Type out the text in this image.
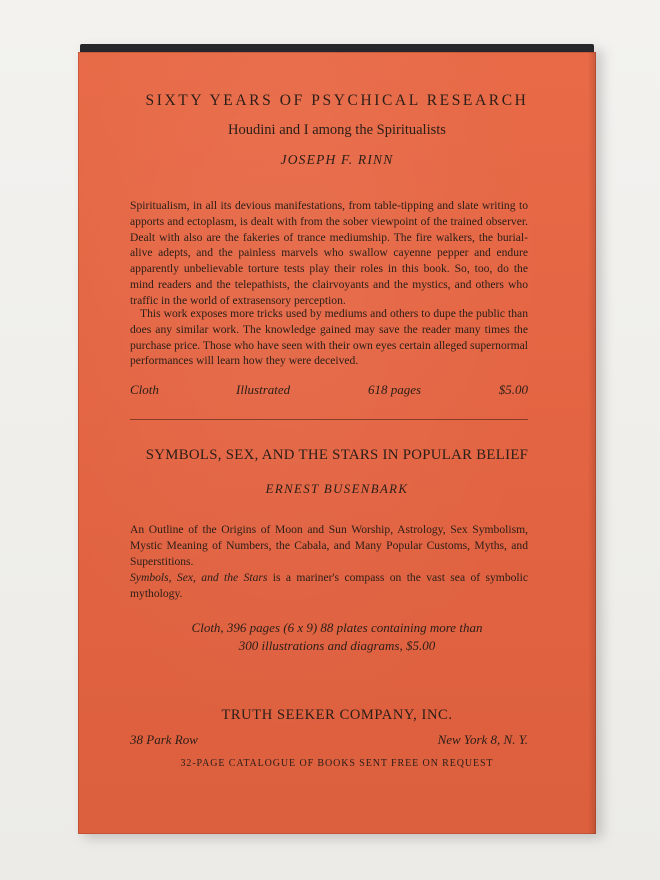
SIXTY YEARS OF PSYCHICAL RESEARCH
Houdini and I among the Spiritualists
JOSEPH F. RINN
Spiritualism, in all its devious manifestations, from table-tipping and slate writing to apports and ectoplasm, is dealt with from the sober viewpoint of the trained observer. Dealt with also are the fakeries of trance mediumship. The fire walkers, the burial-alive adepts, and the painless marvels who swallow cayenne pepper and endure apparently unbelievable torture tests play their roles in this book. So, too, do the mind readers and the telepathists, the clairvoyants and the mystics, and others who traffic in the world of extrasensory perception.
This work exposes more tricks used by mediums and others to dupe the public than does any similar work. The knowledge gained may save the reader many times the purchase price. Those who have seen with their own eyes certain alleged supernormal performances will learn how they were deceived.
Cloth	Illustrated	618 pages	$5.00
SYMBOLS, SEX, AND THE STARS IN POPULAR BELIEF
ERNEST BUSENBARK
An Outline of the Origins of Moon and Sun Worship, Astrology, Sex Symbolism, Mystic Meaning of Numbers, the Cabala, and Many Popular Customs, Myths, and Superstitions.
Symbols, Sex, and the Stars is a mariner's compass on the vast sea of symbolic mythology.
Cloth, 396 pages (6 x 9) 88 plates containing more than
300 illustrations and diagrams, $5.00
TRUTH SEEKER COMPANY, INC.
38 Park Row	New York 8, N. Y.
32-PAGE CATALOGUE OF BOOKS SENT FREE ON REQUEST
